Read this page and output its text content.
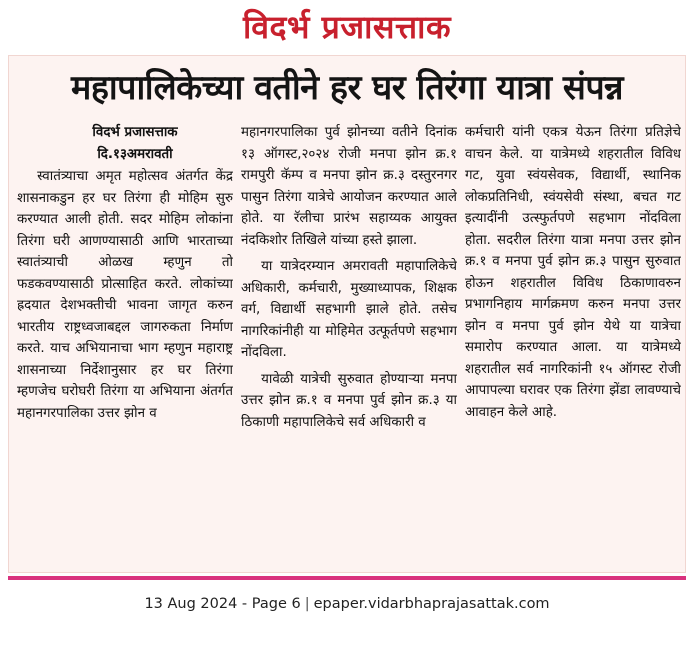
विदर्भ प्रजासत्ताक
महापालिकेच्या वतीने हर घर तिरंगा यात्रा संपन्न
विदर्भ प्रजासत्ताक
दि.१३अमरावती

स्वातंत्र्याचा अमृत महोत्सव अंतर्गत केंद्र शासनाकडुन हर घर तिरंगा ही मोहिम सुरु करण्यात आली होती. सदर मोहिम लोकांना तिरंगा घरी आणण्यासाठी आणि भारताच्या स्वातंत्र्याची ओळख म्हणुन तो फडकवण्यासाठी प्रोत्साहित करते. लोकांच्या ह्रदयात देशभक्तीची भावना जागृत करुन भारतीय राष्ट्रध्वजाबद्दल जागरुकता निर्माण करते. याच अभियानाचा भाग म्हणुन महाराष्ट्र शासनाच्या निर्देशानुसार हर घर तिरंगा म्हणजेच घरोघरी तिरंगा या अभियाना अंतर्गत महानगरपालिका उत्तर झोन व

महानगरपालिका पुर्व झोनच्या वतीने दिनांक १३ ऑगस्ट,२०२४ रोजी मनपा झोन क्र.१ रामपुरी कॅम्प व मनपा झोन क्र.३ दस्तुरनगर पासुन तिरंगा यात्रेचे आयोजन करण्यात आले होते. या रॅलीचा प्रारंभ सहाय्यक आयुक्त नंदकिशोर तिखिले यांच्या हस्ते झाला.

या यात्रेदरम्यान अमरावती महापालिकेचे अधिकारी, कर्मचारी, मुख्याध्यापक, शिक्षक वर्ग, विद्यार्थी सहभागी झाले होते. तसेच नागरिकांनीही या मोहिमेत उत्फूर्तपणे सहभाग नोंदविला.

यावेळी यात्रेची सुरुवात होण्याऱ्या मनपा उत्तर झोन क्र.१ व मनपा पुर्व झोन क्र.३ या ठिकाणी महापालिकेचे सर्व अधिकारी व

कर्मचारी यांनी एकत्र येऊन तिरंगा प्रतिज्ञेचे वाचन केले. या यात्रेमध्ये शहरातील विविध गट, युवा स्वंयसेवक, विद्यार्थी, स्थानिक लोकप्रतिनिधी, स्वंयसेवी संस्था, बचत गट इत्यादींनी उत्स्फुर्तपणे सहभाग नोंदविला होता. सदरील तिरंगा यात्रा मनपा उत्तर झोन क्र.१ व मनपा पुर्व झोन क्र.३ पासुन सुरुवात होऊन शहरातील विविध ठिकाणावरुन प्रभागनिहाय मार्गक्रमण करुन मनपा उत्तर झोन व मनपा पुर्व झोन येथे या यात्रेचा समारोप करण्यात आला. या यात्रेमध्ये शहरातील सर्व नागरिकांनी १५ ऑगस्ट रोजी आपापल्या घरावर एक तिरंगा झेंडा लावण्याचे आवाहन केले आहे.

13 Aug 2024 - Page 6 | epaper.vidarbhaprajasattak.com
